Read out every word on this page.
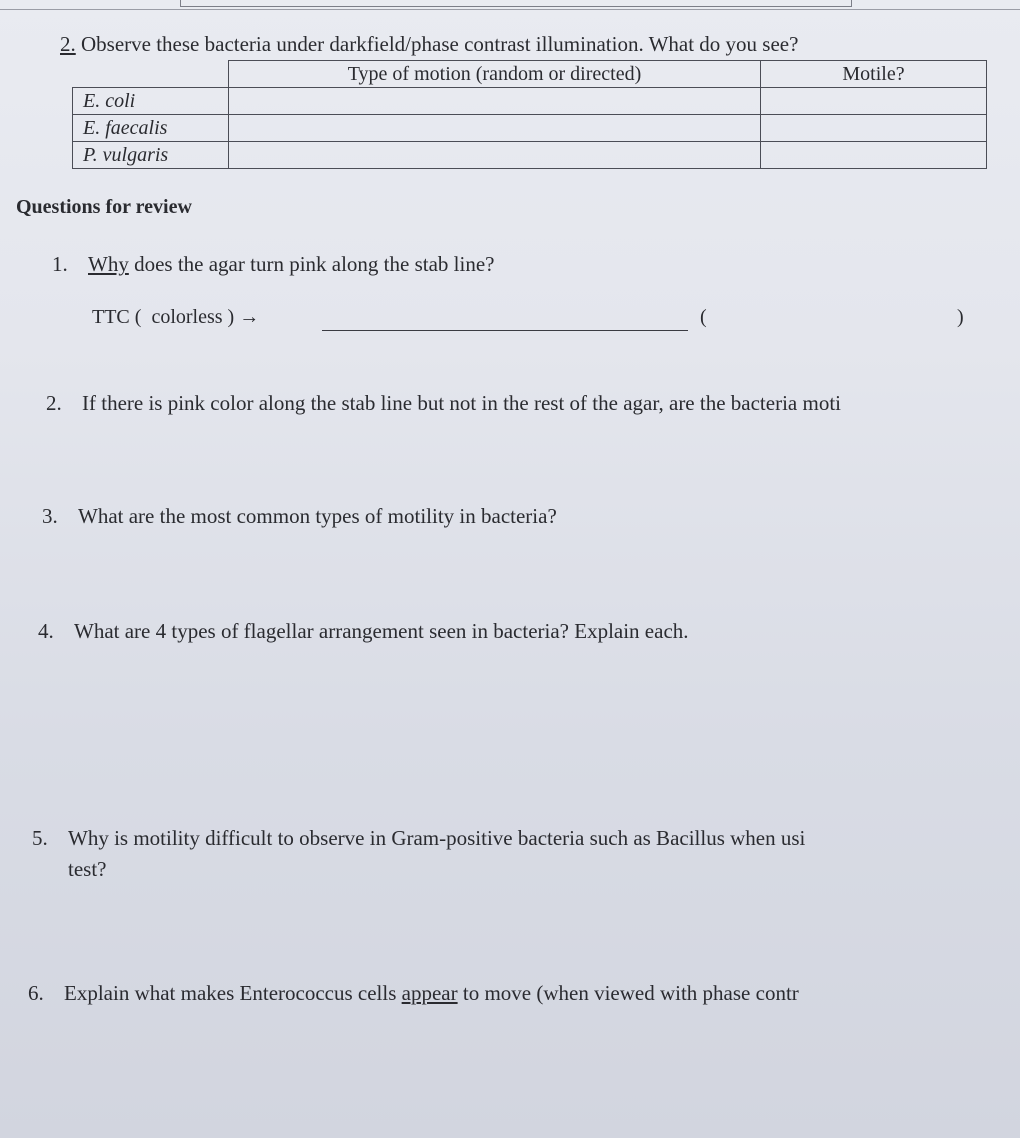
2. Observe these bacteria under darkfield/phase contrast illumination. What do you see?

	Type of motion (random or directed)	Motile?
E. coli		
E. faecalis		
P. vulgaris		
Questions for review

1. Why does the agar turn pink along the stab line?

TTC ( colorless ) →	(	)

2. If there is pink color along the stab line but not in the rest of the agar, are the bacteria moti

3. What are the most common types of motility in bacteria?

4. What are 4 types of flagellar arrangement seen in bacteria? Explain each.

5. Why is motility difficult to observe in Gram-positive bacteria such as Bacillus when usi

test?

6. Explain what makes Enterococcus cells appear to move (when viewed with phase contr
